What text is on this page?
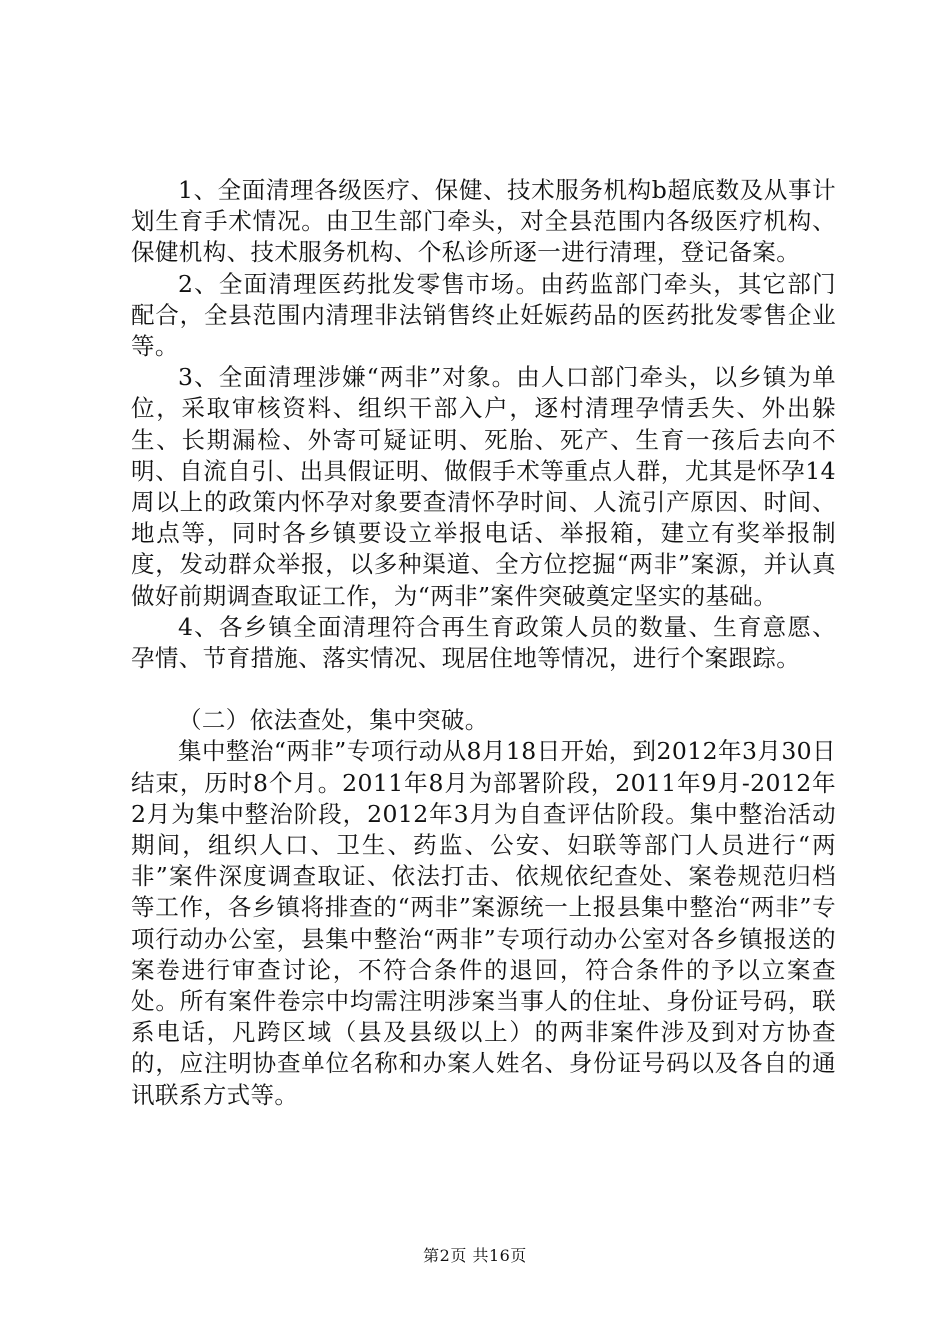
1、全面清理各级医疗、保健、技术服务机构b超底数及从事计划生育手术情况。由卫生部门牵头，对全县范围内各级医疗机构、保健机构、技术服务机构、个私诊所逐一进行清理，登记备案。

2、全面清理医药批发零售市场。由药监部门牵头，其它部门配合，全县范围内清理非法销售终止妊娠药品的医药批发零售企业等。

3、全面清理涉嫌“两非”对象。由人口部门牵头，以乡镇为单位，采取审核资料、组织干部入户，逐村清理孕情丢失、外出躲生、长期漏检、外寄可疑证明、死胎、死产、生育一孩后去向不明、自流自引、出具假证明、做假手术等重点人群，尤其是怀孕14周以上的政策内怀孕对象要查清怀孕时间、人流引产原因、时间、地点等，同时各乡镇要设立举报电话、举报箱，建立有奖举报制度，发动群众举报，以多种渠道、全方位挖掘“两非”案源，并认真做好前期调查取证工作，为“两非”案件突破奠定坚实的基础。

4、各乡镇全面清理符合再生育政策人员的数量、生育意愿、孕情、节育措施、落实情况、现居住地等情况，进行个案跟踪。

（二）依法查处，集中突破。

集中整治“两非”专项行动从8月18日开始，到2012年3月30日结束，历时8个月。2011年8月为部署阶段，2011年9月-2012年2月为集中整治阶段，2012年3月为自查评估阶段。集中整治活动期间，组织人口、卫生、药监、公安、妇联等部门人员进行“两非”案件深度调查取证、依法打击、依规依纪查处、案卷规范归档等工作，各乡镇将排查的“两非”案源统一上报县集中整治“两非”专项行动办公室，县集中整治“两非”专项行动办公室对各乡镇报送的案卷进行审查讨论，不符合条件的退回，符合条件的予以立案查处。所有案件卷宗中均需注明涉案当事人的住址、身份证号码，联系电话，凡跨区域（县及县级以上）的两非案件涉及到对方协查的，应注明协查单位名称和办案人姓名、身份证号码以及各自的通讯联系方式等。

第2页 共16页
